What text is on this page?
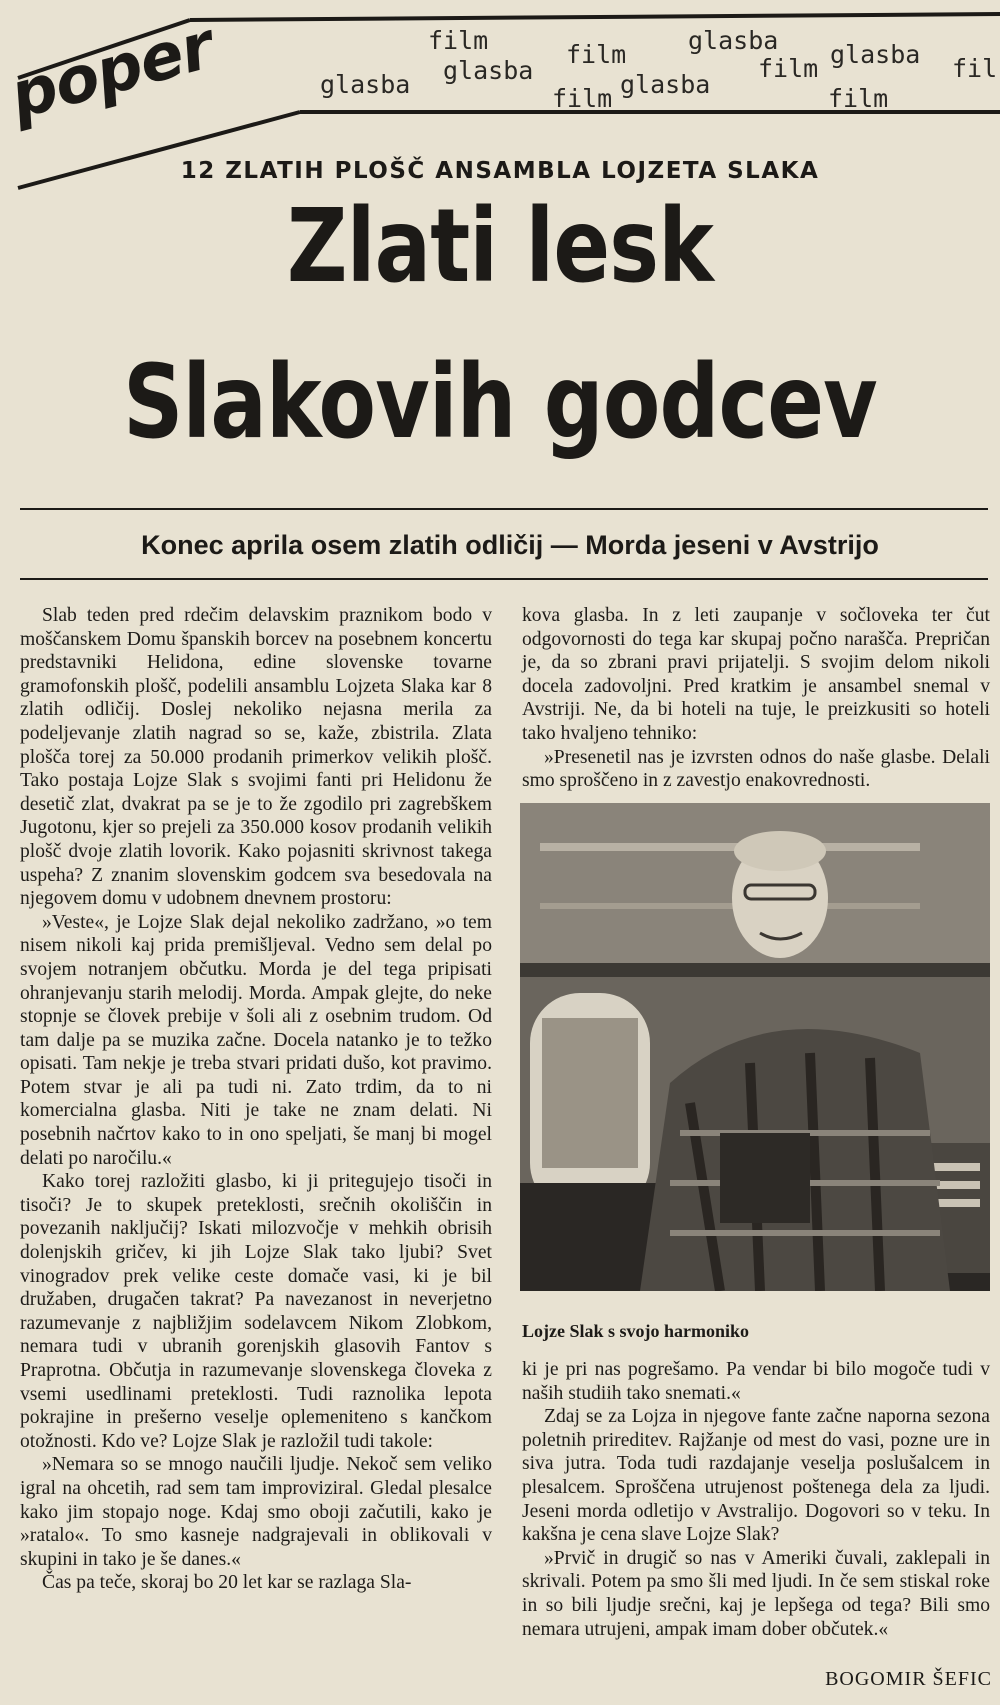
poper	film
glasba glasba
film
glasba
glasba
film glasba
film
fil
film
12 ZLATIH PLOŠČ ANSAMBLA LOJZETA SLAKA
Zlati lesk
Slakovih godcev
Konec aprila osem zlatih odličij — Morda jeseni v Avstrijo

Slab teden pred rdečim delavskim praznikom bodo v moščanskem Domu španskih borcev na posebnem koncertu predstavniki Helidona, edine slovenske tovarne gramofonskih plošč, podelili ansamblu Lojzeta Slaka kar 8 zlatih odličij. Doslej nekoliko nejasna merila za podeljevanje zlatih nagrad so se, kaže, zbistrila. Zlata plošča torej za 50.000 prodanih primerkov velikih plošč. Tako postaja Lojze Slak s svojimi fanti pri Helidonu že desetič zlat, dvakrat pa se je to že zgodilo pri zagrebškem Jugotonu, kjer so prejeli za 350.000 kosov prodanih velikih plošč dvoje zlatih lovorik. Kako pojasniti skrivnost takega uspeha? Z znanim slovenskim godcem sva besedovala na njegovem domu v udobnem dnevnem prostoru:

»Veste«, je Lojze Slak dejal nekoliko zadržano, »o tem nisem nikoli kaj prida premišljeval. Vedno sem delal po svojem notranjem občutku. Morda je del tega pripisati ohranjevanju starih melodij. Morda. Ampak glejte, do neke stopnje se človek prebije v šoli ali z osebnim trudom. Od tam dalje pa se muzika začne. Docela natanko je to težko opisati. Tam nekje je treba stvari pridati dušo, kot pravimo. Potem stvar je ali pa tudi ni. Zato trdim, da to ni komercialna glasba. Niti je take ne znam delati. Ni posebnih načrtov kako to in ono speljati, še manj bi mogel delati po naročilu.«

Kako torej razložiti glasbo, ki ji pritegujejo tisoči in tisoči? Je to skupek preteklosti, srečnih okoliščin in povezanih naključij? Iskati milozvočje v mehkih obrisih dolenjskih gričev, ki jih Lojze Slak tako ljubi? Svet vinogradov prek velike ceste domače vasi, ki je bil družaben, drugačen takrat? Pa navezanost in neverjetno razumevanje z najbližjim sodelavcem Nikom Zlobkom, nemara tudi v ubranih gorenjskih glasovih Fantov s Praprotna. Občutja in razumevanje slovenskega človeka z vsemi usedlinami preteklosti. Tudi raznolika lepota pokrajine in prešerno veselje oplemeniteno s kančkom otožnosti. Kdo ve? Lojze Slak je razložil tudi takole:

»Nemara so se mnogo naučili ljudje. Nekoč sem veliko igral na ohcetih, rad sem tam improviziral. Gledal plesalce kako jim stopajo noge. Kdaj smo oboji začutili, kako je »ratalo«. To smo kasneje nadgrajevali in oblikovali v skupini in tako je še danes.«

Čas pa teče, skoraj bo 20 let kar se razlaga Sla-

kova glasba. In z leti zaupanje v sočloveka ter čut odgovornosti do tega kar skupaj počno narašča. Prepričan je, da so zbrani pravi prijatelji. S svojim delom nikoli docela zadovoljni. Pred kratkim je ansambel snemal v Avstriji. Ne, da bi hoteli na tuje, le preizkusiti so hoteli tako hvaljeno tehniko:

»Presenetil nas je izvrsten odnos do naše glasbe. Delali smo sproščeno in z zavestjo enakovrednosti.

Lojze Slak s svojo harmoniko

ki je pri nas pogrešamo. Pa vendar bi bilo mogoče tudi v naših studiih tako snemati.«

Zdaj se za Lojza in njegove fante začne naporna sezona poletnih prireditev. Rajžanje od mest do vasi, pozne ure in siva jutra. Toda tudi razdajanje veselja poslušalcem in plesalcem. Sproščena utrujenost poštenega dela za ljudi. Jeseni morda odletijo v Avstralijo. Dogovori so v teku. In kakšna je cena slave Lojze Slak?

»Prvič in drugič so nas v Ameriki čuvali, zaklepali in skrivali. Potem pa smo šli med ljudi. In če sem stiskal roke in so bili ljudje srečni, kaj je lepšega od tega? Bili smo nemara utrujeni, ampak imam dober občutek.«

BOGOMIR ŠEFIC
